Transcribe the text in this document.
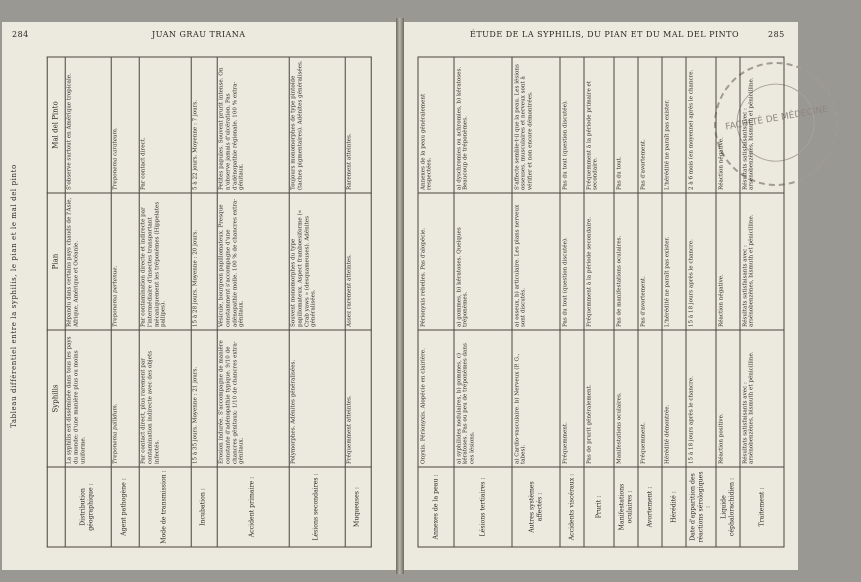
284	JUAN GRAU TRIANA
Tableau différentiel entre la syphilis, le pian et le mal del pinto
		Syphilis	Pian	Mal del Pinto
Distribution géographique :	La syphilis est disséminée dans tous les pays du monde; d'une manière plus ou moins uniforme.	Répandu dans certains pays chauds de l'Asie, Afrique, Amérique et Océanie.	S'observe surtout en Amérique tropicale.
Agent pathogène :	Treponema pallidum.	Treponema pertenue.	Treponema carateum.
Mode de transmission :	Par contact direct, plus rarement par contamination indirecte avec des objets infectés.	Par contamination directe et indirecte par l'intermédiaire d'insectes transportant mécaniquement les tréponèmes (Hippelates pallipes).	Par contact direct.
Incubation :	15 à 35 jours. Moyenne : 21 jours.	15 à 28 jours. Moyenne : 20 jours.	5 à 22 jours. Moyenne : 7 jours.
Accident primaire :	Érosion indurée. S'accompagne de manière constante d'adénopathie typique. 9/10 de chancres génitaux; 1/10 de chancres extra-génitaux.	Vésicule, bourgeon papillomateux. Presque constamment s'accompagne d'une adénopathie molle. 100 % de chancres extra-génitaux.	Petites papules. Souvent prurit intense. On n'observe jamais d'ulcération. Pas d'adénopathie régionale. 100 % extra-génitaux.
Lésions secondaires :	Polymorphes. Adénites généralisées.	Souvent monomorphes du type papillomateux. Aspect framboesiforme (« Crab yaws » (desquameuses). Adénites généralisées.	Toujours monomorphes de type pintoïde (taches pigmentaires). Adénites généralisées.
Muqueuses :	Fréquemment atteintes.	Assez rarement atteintes.	Rarement atteintes.
ÉTUDE DE LA SYPHILIS, DU PIAN ET DU MAL DEL PINTO	285
FACULTÉ DE MÉDECINE
Annexes de la peau :	Onyxis. Périonyxis. Alopécie en clairière.	Périonyxis rebelles. Pas d'alopécie.	Annexes de la peau généralement respectées.
Lésions tertiaires :	a) syphilides nodulaires, b) gommes, c) kératoses. Pas ou peu de tréponèmes dans ces lésions.	a) gommes, b) kératoses. Quelques tréponèmes.	a) dyschromies ou achromies, b) kératoses. Beaucoup de tréponèmes.
Autres systèmes affectés :	a) Cardio-vasculaire. b) Nerveux (P. G., tabes).	a) osseux, b) articulaire. Les plans nerveux sont discutés.	S'affecte semble-t-il que la peau. Les lésions osseuses, musculaires et nerveux sont à vérifier et non encore démontrées.
Accidents viscéraux :	Fréquemment.	Pas du tout (question discutée).	Pas du tout (question discutée).
Prurit :	Pas de prurit généralement.	Fréquemment à la période secondaire.	Fréquemment à la période primaire et secondaire.
Manifestations oculaires :	Manifestations oculaires.	Pas de manifestations oculaires.	Pas du tout.
Avortement :	Fréquemment.	Pas d'avortement.	Pas d'avortement.
Hérédité :	Hérédité démontrée.	L'hérédité ne paraît pas exister.	L'hérédité ne paraît pas exister.
Date d'apparition des réactions sérologiques :	15 à 18 jours après le chancre.	15 à 18 jours après le chancre.	2 à 6 mois (en moyenne) après le chancre.
Liquide céphalorachidien :	Réaction positive.	Réaction négative.	Réaction négative.
Traitement :	Résultats satisfaisants avec : arsénobenzènes, bismuth et pénicilline.	Résultats satisfaisants avec : arsénobenzènes, bismuth et pénicilline.	Résultats satisfaisants avec : arsénobenzènes, bismuth et pénicilline.
